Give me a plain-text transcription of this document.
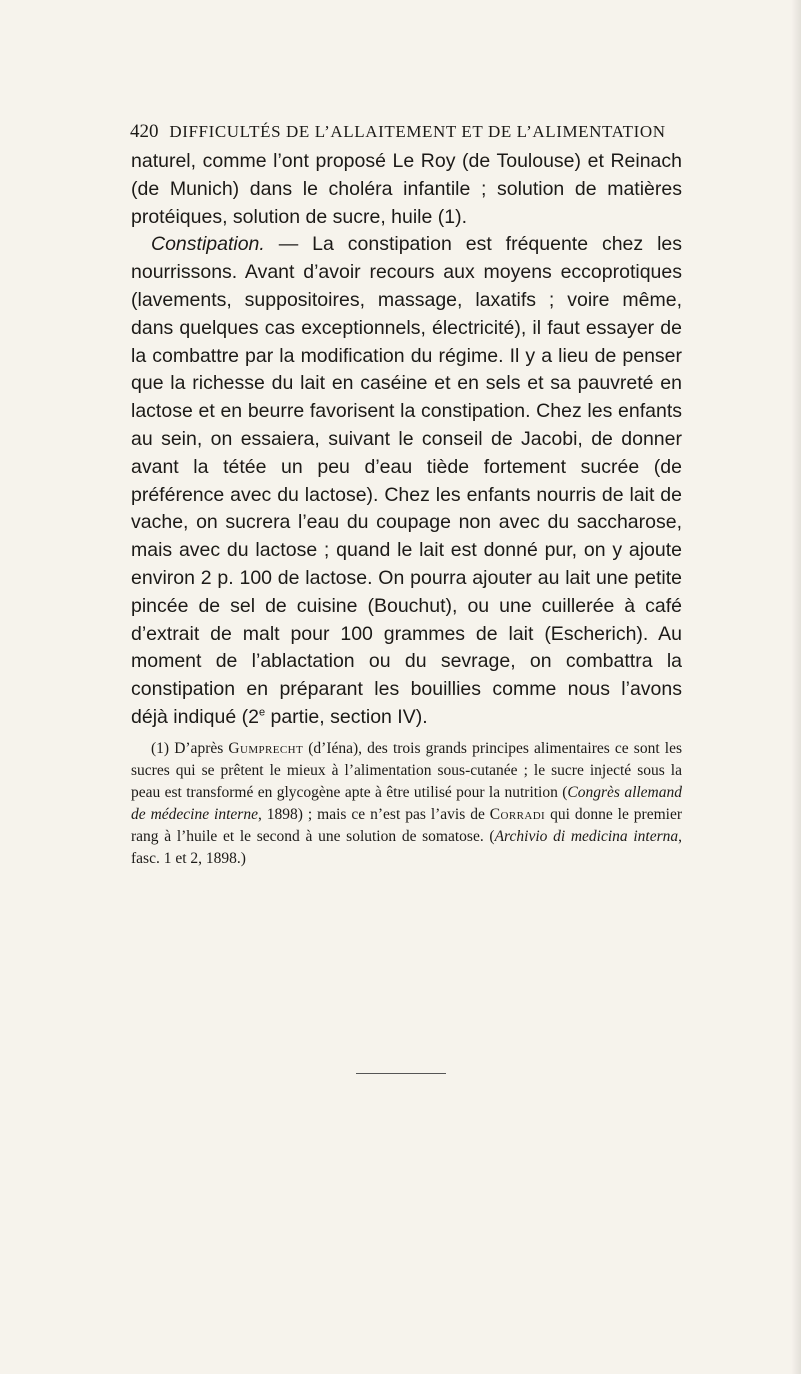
420 DIFFICULTÉS DE L’ALLAITEMENT ET DE L’ALIMENTATION

naturel, comme l’ont proposé Le Roy (de Toulouse) et Reinach (de Munich) dans le choléra infantile ; solution de matières protéiques, solution de sucre, huile (1).

Constipation. — La constipation est fréquente chez les nourrissons. Avant d’avoir recours aux moyens eccoprotiques (lavements, suppositoires, massage, laxatifs ; voire même, dans quelques cas exceptionnels, électricité), il faut essayer de la combattre par la modification du régime. Il y a lieu de penser que la richesse du lait en caséine et en sels et sa pauvreté en lactose et en beurre favorisent la constipation. Chez les enfants au sein, on essaiera, suivant le conseil de Jacobi, de donner avant la tétée un peu d’eau tiède fortement sucrée (de préférence avec du lactose). Chez les enfants nourris de lait de vache, on sucrera l’eau du coupage non avec du saccharose, mais avec du lactose ; quand le lait est donné pur, on y ajoute environ 2 p. 100 de lactose. On pourra ajouter au lait une petite pincée de sel de cuisine (Bouchut), ou une cuillerée à café d’extrait de malt pour 100 grammes de lait (Escherich). Au moment de l’ablactation ou du sevrage, on combattra la constipation en préparant les bouillies comme nous l’avons déjà indiqué (2e partie, section IV).

(1) D’après Gumprecht (d’Iéna), des trois grands principes alimentaires ce sont les sucres qui se prêtent le mieux à l’alimentation sous-cutanée ; le sucre injecté sous la peau est transformé en glycogène apte à être utilisé pour la nutrition (Congrès allemand de médecine interne, 1898) ; mais ce n’est pas l’avis de Corradi qui donne le premier rang à l’huile et le second à une solution de somatose. (Archivio di medicina interna, fasc. 1 et 2, 1898.)
